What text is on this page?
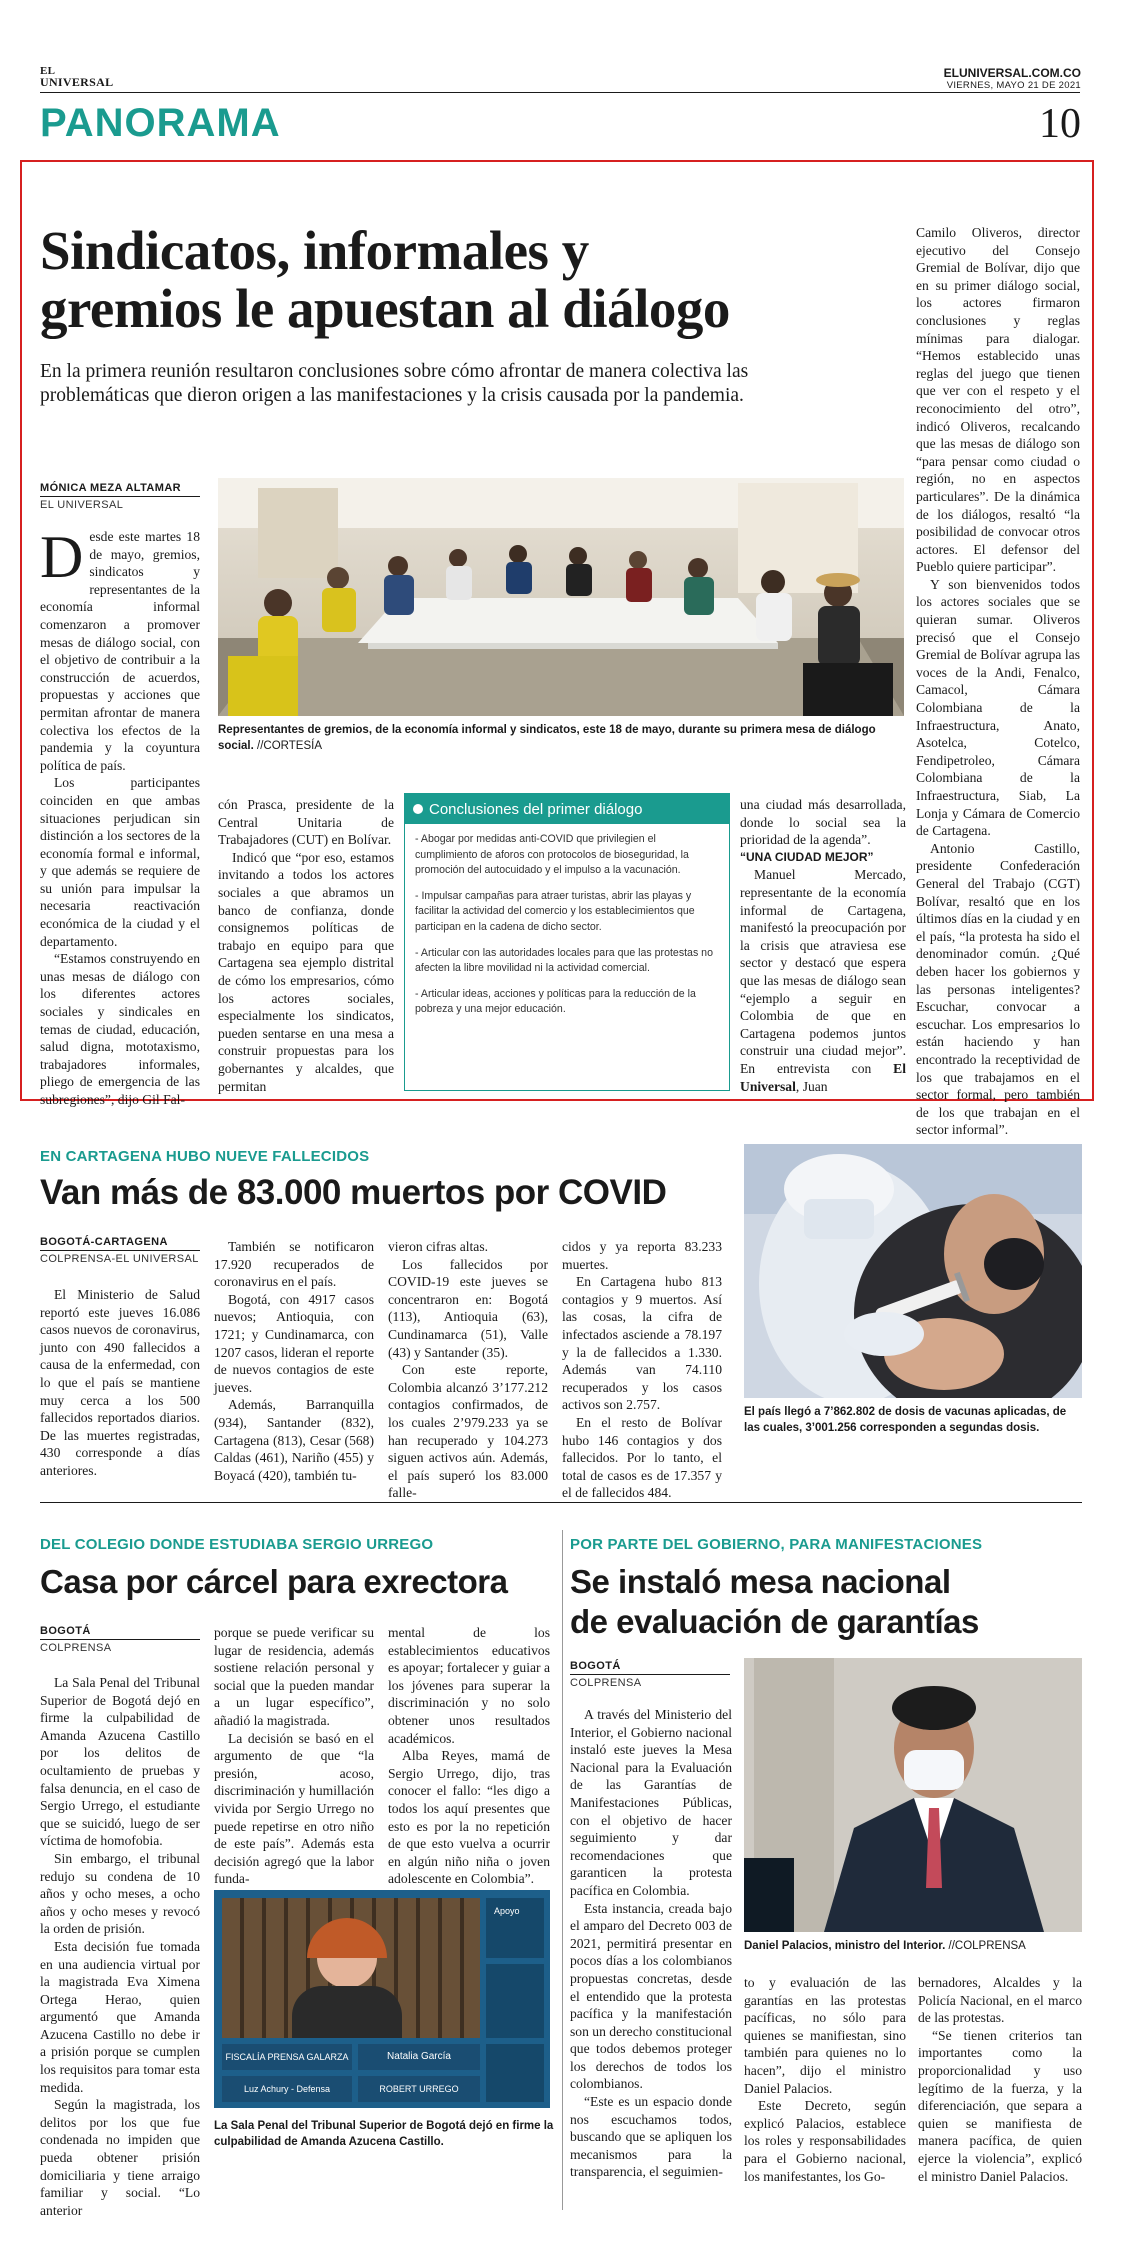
EL
UNIVERSAL
ELUNIVERSAL.COM.CO
VIERNES, MAYO 21 DE 2021
PANORAMA	10
Sindicatos, informales y
gremios le apuestan al diálogo
En la primera reunión resultaron conclusiones sobre cómo afrontar de manera colectiva las
problemáticas que dieron origen a las manifestaciones y la crisis causada por la pandemia.
MÓNICA MEZA ALTAMAR
EL UNIVERSAL
Representantes de gremios, de la economía informal y sindicatos, este 18 de mayo, durante su primera mesa de diálogo social. //CORTESÍA

Desde este martes 18 de mayo, gremios, sindicatos y representantes de la economía informal comenzaron a promover mesas de diálogo social, con el objetivo de contribuir a la construcción de acuerdos, propuestas y acciones que permitan afrontar de manera colectiva los efectos de la pandemia y la coyuntura política de país.

Los participantes coinciden en que ambas situaciones perjudican sin distinción a los sectores de la economía formal e informal, y que además se requiere de su unión para impulsar la necesaria reactivación económica de la ciudad y el departamento.

“Estamos construyendo en unas mesas de diálogo con los diferentes actores sociales y sindicales en temas de ciudad, educación, salud digna, mototaxismo, trabajadores informales, pliego de emergencia de las subregiones”, dijo Gil Fal-

cón Prasca, presidente de la Central Unitaria de Trabajadores (CUT) en Bolívar.

Indicó que “por eso, estamos invitando a todos los actores sociales a que abramos un banco de confianza, donde consignemos políticas de trabajo en equipo para que Cartagena sea ejemplo distrital de cómo los empresarios, cómo los actores sociales, especialmente los sindicatos, pueden sentarse en una mesa a construir propuestas para los gobernantes y alcaldes, que permitan

Conclusiones del primer diálogo
- Abogar por medidas anti-COVID que privilegien el cumplimiento de aforos con protocolos de bioseguridad, la promoción del autocuidado y el impulso a la vacunación.
- Impulsar campañas para atraer turistas, abrir las playas y facilitar la actividad del comercio y los establecimientos que participan en la cadena de dicho sector.
- Articular con las autoridades locales para que las protestas no afecten la libre movilidad ni la actividad comercial.
- Articular ideas, acciones y políticas para la reducción de la pobreza y una mejor educación.

una ciudad más desarrollada, donde lo social sea la prioridad de la agenda”.

“UNA CIUDAD MEJOR”

Manuel Mercado, representante de la economía informal de Cartagena, manifestó la preocupación por la crisis que atraviesa ese sector y destacó que espera que las mesas de diálogo sean “ejemplo a seguir en Colombia de que en Cartagena podemos juntos construir una ciudad mejor”. En entrevista con El Universal, Juan

Camilo Oliveros, director ejecutivo del Consejo Gremial de Bolívar, dijo que en su primer diálogo social, los actores firmaron conclusiones y reglas mínimas para dialogar. “Hemos establecido unas reglas del juego que tienen que ver con el respeto y el reconocimiento del otro”, indicó Oliveros, recalcando que las mesas de diálogo son “para pensar como ciudad o región, no en aspectos particulares”. De la dinámica de los diálogos, resaltó “la posibilidad de convocar otros actores. El defensor del Pueblo quiere participar”.

Y son bienvenidos todos los actores sociales que se quieran sumar. Oliveros precisó que el Consejo Gremial de Bolívar agrupa las voces de la Andi, Fenalco, Camacol, Cámara Colombiana de la Infraestructura, Anato, Asotelca, Cotelco, Fendipetroleo, Cámara Colombiana de la Infraestructura, Siab, La Lonja y Cámara de Comercio de Cartagena.

Antonio Castillo, presidente Confederación General del Trabajo (CGT) Bolívar, resaltó que en los últimos días en la ciudad y en el país, “la protesta ha sido el denominador común. ¿Qué deben hacer los gobiernos y las personas inteligentes? Escuchar, convocar a escuchar. Los empresarios lo están haciendo y han encontrado la receptividad de los que trabajamos en el sector formal, pero también de los que trabajan en el sector informal”.

EN CARTAGENA HUBO NUEVE FALLECIDOS
Van más de 83.000 muertos por COVID
BOGOTÁ-CARTAGENA
COLPRENSA-EL UNIVERSAL

El Ministerio de Salud reportó este jueves 16.086 casos nuevos de coronavirus, junto con 490 fallecidos a causa de la enfermedad, con lo que el país se mantiene muy cerca a los 500 fallecidos reportados diarios. De las muertes registradas, 430 corresponde a días anteriores.

También se notificaron 17.920 recuperados de coronavirus en el país.

Bogotá, con 4917 casos nuevos; Antioquia, con 1721; y Cundinamarca, con 1207 casos, lideran el reporte de nuevos contagios de este jueves.

Además, Barranquilla (934), Santander (832), Cartagena (813), Cesar (568) Caldas (461), Nariño (455) y Boyacá (420), también tu-

vieron cifras altas.

Los fallecidos por COVID-19 este jueves se concentraron en: Bogotá (113), Antioquia (63), Cundinamarca (51), Valle (43) y Santander (35).

Con este reporte, Colombia alcanzó 3’177.212 contagios confirmados, de los cuales 2’979.233 ya se han recuperado y 104.273 siguen activos aún. Además, el país superó los 83.000 falle-

cidos y ya reporta 83.233 muertes.

En Cartagena hubo 813 contagios y 9 muertos. Así las cosas, la cifra de infectados asciende a 78.197 y la de fallecidos a 1.330. Además van 74.110 recuperados y los casos activos son 2.757.

En el resto de Bolívar hubo 146 contagios y dos fallecidos. Por lo tanto, el total de casos es de 17.357 y el de fallecidos 484.

El país llegó a 7’862.802 de dosis de vacunas aplicadas, de las cuales, 3’001.256 corresponden a segundas dosis.
DEL COLEGIO DONDE ESTUDIABA SERGIO URREGO
Casa por cárcel para exrectora
BOGOTÁ
COLPRENSA

La Sala Penal del Tribunal Superior de Bogotá dejó en firme la culpabilidad de Amanda Azucena Castillo por los delitos de ocultamiento de pruebas y falsa denuncia, en el caso de Sergio Urrego, el estudiante que se suicidó, luego de ser víctima de homofobia.

Sin embargo, el tribunal redujo su condena de 10 años y ocho meses, a ocho años y ocho meses y revocó la orden de prisión.

Esta decisión fue tomada en una audiencia virtual por la magistrada Eva Ximena Ortega Herao, quien argumentó que Amanda Azucena Castillo no debe ir a prisión porque se cumplen los requisitos para tomar esta medida.

Según la magistrada, los delitos por los que fue condenada no impiden que pueda obtener prisión domiciliaria y tiene arraigo familiar y social. “Lo anterior

porque se puede verificar su lugar de residencia, además sostiene relación personal y social que la pueden mandar a un lugar específico”, añadió la magistrada.

La decisión se basó en el argumento de que “la presión, acoso, discriminación y humillación vivida por Sergio Urrego no puede repetirse en otro niño de este país”. Además esta decisión agregó que la labor funda-

mental de los establecimientos educativos es apoyar; fortalecer y guiar a los jóvenes para superar la discriminación y no solo obtener unos resultados académicos.

Alba Reyes, mamá de Sergio Urrego, dijo, tras conocer el fallo: “les digo a todos los aquí presentes que esto es por la no repetición de que esto vuelva a ocurrir en algún niño niña o joven adolescente en Colombia”.

Apoyo
FISCALÍA PRENSA GALARZA	Natalia García
Luz Achury - Defensa	ROBERT URREGO
La Sala Penal del Tribunal Superior de Bogotá dejó en firme la culpabilidad de Amanda Azucena Castillo.
POR PARTE DEL GOBIERNO, PARA MANIFESTACIONES
Se instaló mesa nacional
de evaluación de garantías
BOGOTÁ
COLPRENSA

A través del Ministerio del Interior, el Gobierno nacional instaló este jueves la Mesa Nacional para la Evaluación de las Garantías de Manifestaciones Públicas, con el objetivo de hacer seguimiento y dar recomendaciones que garanticen la protesta pacífica en Colombia.

Esta instancia, creada bajo el amparo del Decreto 003 de 2021, permitirá presentar en pocos días a los colombianos propuestas concretas, desde el entendido que la protesta pacífica y la manifestación son un derecho constitucional que todos debemos proteger los derechos de todos los colombianos.

“Este es un espacio donde nos escuchamos todos, buscando que se apliquen los mecanismos para la transparencia, el seguimien-

Daniel Palacios, ministro del Interior. //COLPRENSA

to y evaluación de las garantías en las protestas pacíficas, no sólo para quienes se manifiestan, sino también para quienes no lo hacen”, dijo el ministro Daniel Palacios.

Este Decreto, según explicó Palacios, establece los roles y responsabilidades para el Gobierno nacional, los manifestantes, los Go-

bernadores, Alcaldes y la Policía Nacional, en el marco de las protestas.

“Se tienen criterios tan importantes como la proporcionalidad y uso legítimo de la fuerza, y la diferenciación, que separa a quien se manifiesta de manera pacífica, de quien ejerce la violencia”, explicó el ministro Daniel Palacios.
